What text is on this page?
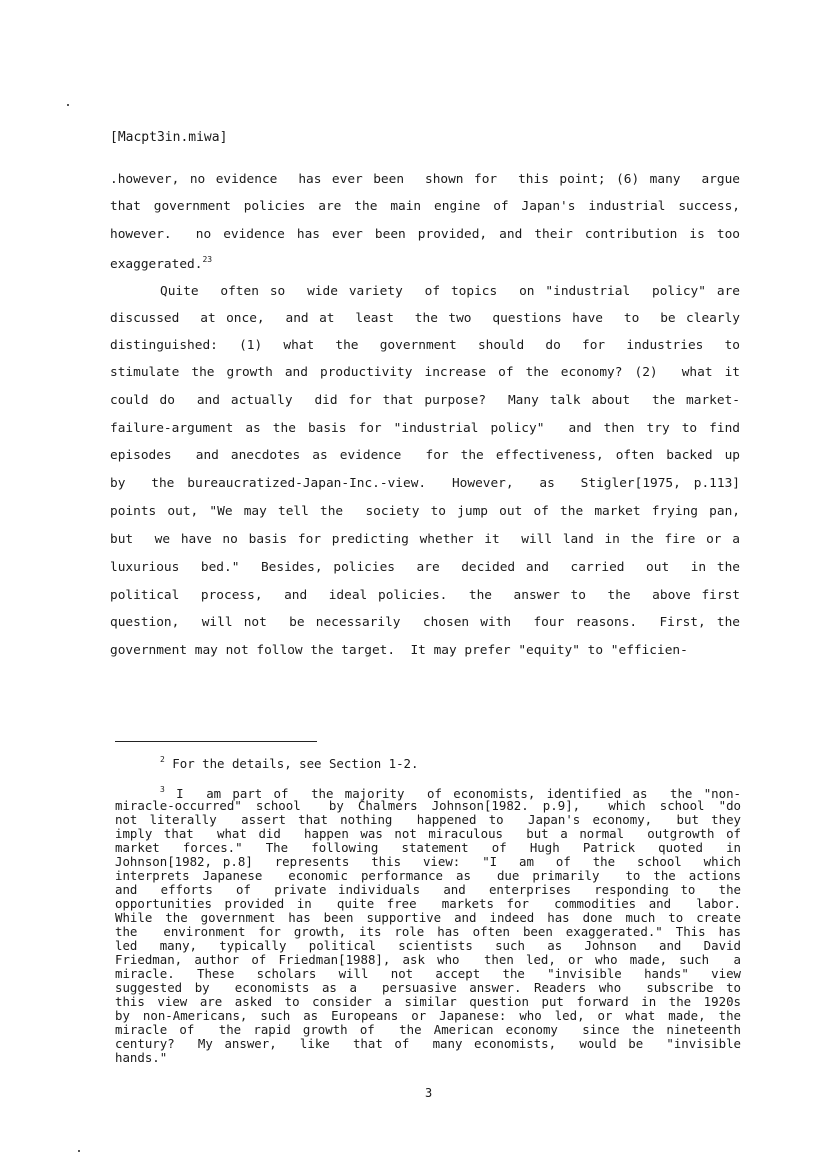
[Macpt3in.miwa]
.however, no evidence  has ever been  shown for  this point; (6) many  argue
that government policies are the main engine of Japan's industrial success,
however.  no evidence has ever been provided, and their contribution is too
exaggerated.$^{23}$
Quite  often so  wide variety  of topics  on "industrial  policy" are
discussed  at once,  and at  least  the two  questions have  to  be clearly
distinguished:  (1)  what  the  government  should  do  for  industries  to
stimulate the growth and productivity increase of the economy? (2)  what it
could do  and actually  did for that purpose?  Many talk about  the market-
failure-argument as the basis for "industrial policy"  and then try to find
episodes  and anecdotes as evidence  for the effectiveness, often backed up
by  the bureaucratized-Japan-Inc.-view.  However,  as  Stigler[1975, p.113]
points out, "We may tell the  society to jump out of the market frying pan,
but  we have no basis for predicting whether it  will land in the fire or a
luxurious  bed."  Besides, policies  are  decided and  carried  out  in the
political  process,  and  ideal policies.  the  answer to  the  above first
question,  will not  be necessarily  chosen with  four reasons.  First, the
government may not follow the target.  It may prefer "equity" to "efficien-
$^2$ For the details, see Section 1-2.
$^3$ I  am part of  the majority  of economists, identified as  the "non-
miracle-occurred" school  by Chalmers Johnson[1982. p.9],  which school "do
not literally  assert that nothing  happened to  Japan's economy,  but they
imply that  what did  happen was not miraculous  but a normal  outgrowth of
market  forces."  The  following  statement  of  Hugh  Patrick  quoted  in
Johnson[1982, p.8]  represents  this  view:  "I  am  of  the  school  which
interprets Japanese  economic performance as  due primarily  to the actions
and  efforts  of  private individuals  and  enterprises  responding to  the
opportunities provided in  quite free  markets for  commodities and  labor.
While the government has been supportive and indeed has done much to create
the  environment for growth, its role has often been exaggerated." This has
led  many,  typically  political  scientists  such  as  Johnson  and  David
Friedman, author of Friedman[1988], ask who  then led, or who made, such  a
miracle.  These  scholars  will  not  accept  the  "invisible  hands"  view
suggested by  economists as a  persuasive answer. Readers who  subscribe to
this view are asked to consider a similar question put forward in the 1920s
by non-Americans, such as Europeans or Japanese: who led, or what made, the
miracle of  the rapid growth of  the American economy  since the nineteenth
century?  My answer,  like  that of  many economists,  would be  "invisible
hands."
3
